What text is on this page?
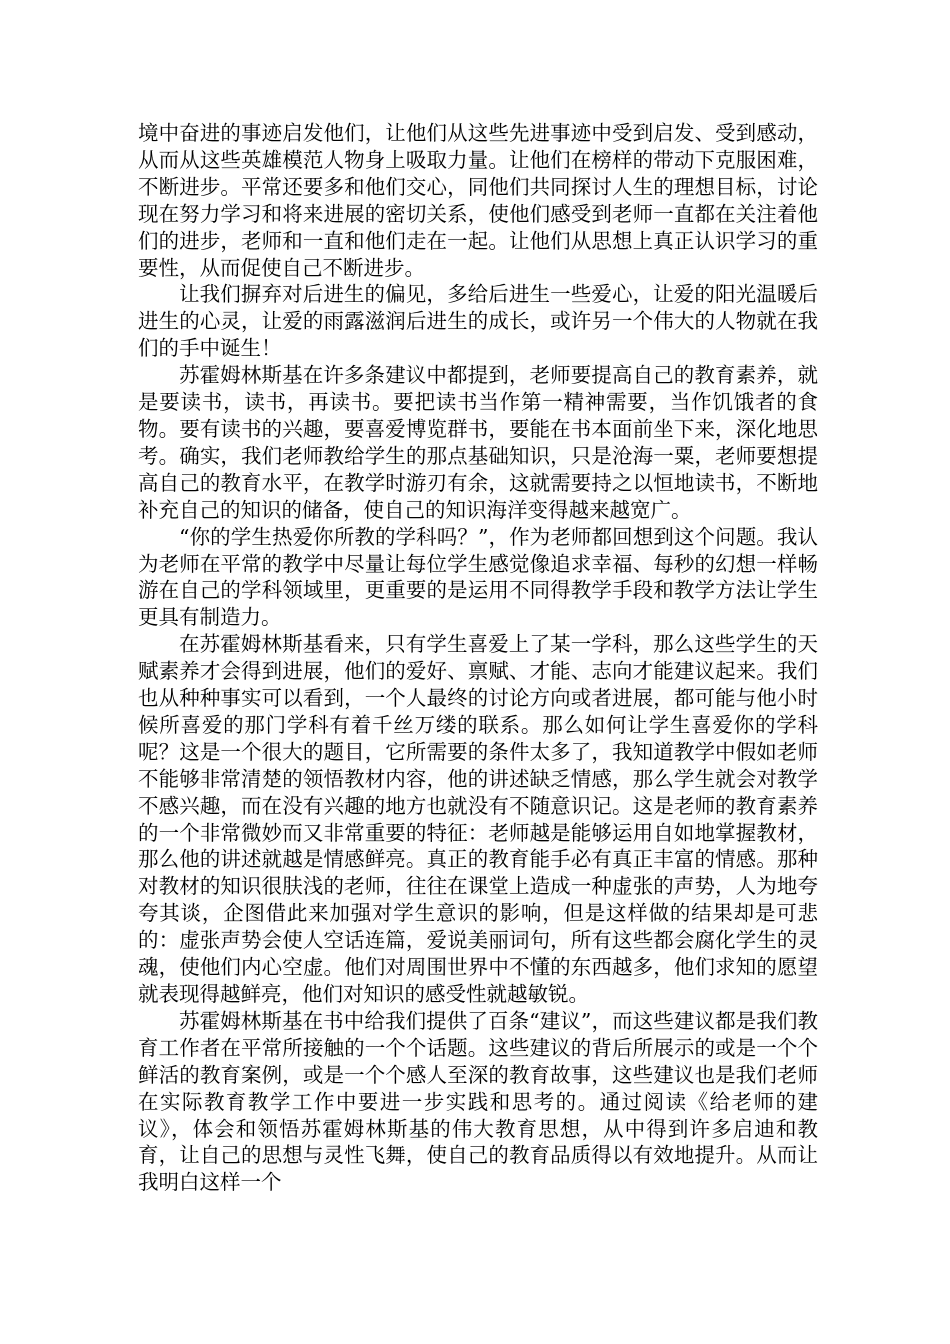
境中奋进的事迹启发他们，让他们从这些先进事迹中受到启发、受到感动，从而从这些英雄模范人物身上吸取力量。让他们在榜样的带动下克服困难，不断进步。平常还要多和他们交心，同他们共同探讨人生的理想目标，讨论现在努力学习和将来进展的密切关系，使他们感受到老师一直都在关注着他们的进步，老师和一直和他们走在一起。让他们从思想上真正认识学习的重要性，从而促使自己不断进步。

让我们摒弃对后进生的偏见，多给后进生一些爱心，让爱的阳光温暖后进生的心灵，让爱的雨露滋润后进生的成长，或许另一个伟大的人物就在我们的手中诞生！

苏霍姆林斯基在许多条建议中都提到，老师要提高自己的教育素养，就是要读书，读书，再读书。要把读书当作第一精神需要，当作饥饿者的食物。要有读书的兴趣，要喜爱博览群书，要能在书本面前坐下来，深化地思考。确实，我们老师教给学生的那点基础知识，只是沧海一粟，老师要想提高自己的教育水平，在教学时游刃有余，这就需要持之以恒地读书，不断地补充自己的知识的储备，使自己的知识海洋变得越来越宽广。

“你的学生热爱你所教的学科吗？”，作为老师都回想到这个问题。我认为老师在平常的教学中尽量让每位学生感觉像追求幸福、每秒的幻想一样畅游在自己的学科领域里，更重要的是运用不同得教学手段和教学方法让学生更具有制造力。

在苏霍姆林斯基看来，只有学生喜爱上了某一学科，那么这些学生的天赋素养才会得到进展，他们的爱好、禀赋、才能、志向才能建议起来。我们也从种种事实可以看到，一个人最终的讨论方向或者进展，都可能与他小时候所喜爱的那门学科有着千丝万缕的联系。那么如何让学生喜爱你的学科呢？这是一个很大的题目，它所需要的条件太多了，我知道教学中假如老师不能够非常清楚的领悟教材内容，他的讲述缺乏情感，那么学生就会对教学不感兴趣，而在没有兴趣的地方也就没有不随意识记。这是老师的教育素养的一个非常微妙而又非常重要的特征：老师越是能够运用自如地掌握教材，那么他的讲述就越是情感鲜亮。真正的教育能手必有真正丰富的情感。那种对教材的知识很肤浅的老师，往往在课堂上造成一种虚张的声势，人为地夸夸其谈，企图借此来加强对学生意识的影响，但是这样做的结果却是可悲的：虚张声势会使人空话连篇，爱说美丽词句，所有这些都会腐化学生的灵魂，使他们内心空虚。他们对周围世界中不懂的东西越多，他们求知的愿望就表现得越鲜亮，他们对知识的感受性就越敏锐。

苏霍姆林斯基在书中给我们提供了百条“建议”，而这些建议都是我们教育工作者在平常所接触的一个个话题。这些建议的背后所展示的或是一个个鲜活的教育案例，或是一个个感人至深的教育故事，这些建议也是我们老师在实际教育教学工作中要进一步实践和思考的。通过阅读《给老师的建议》，体会和领悟苏霍姆林斯基的伟大教育思想，从中得到许多启迪和教育，让自己的思想与灵性飞舞，使自己的教育品质得以有效地提升。从而让我明白这样一个
